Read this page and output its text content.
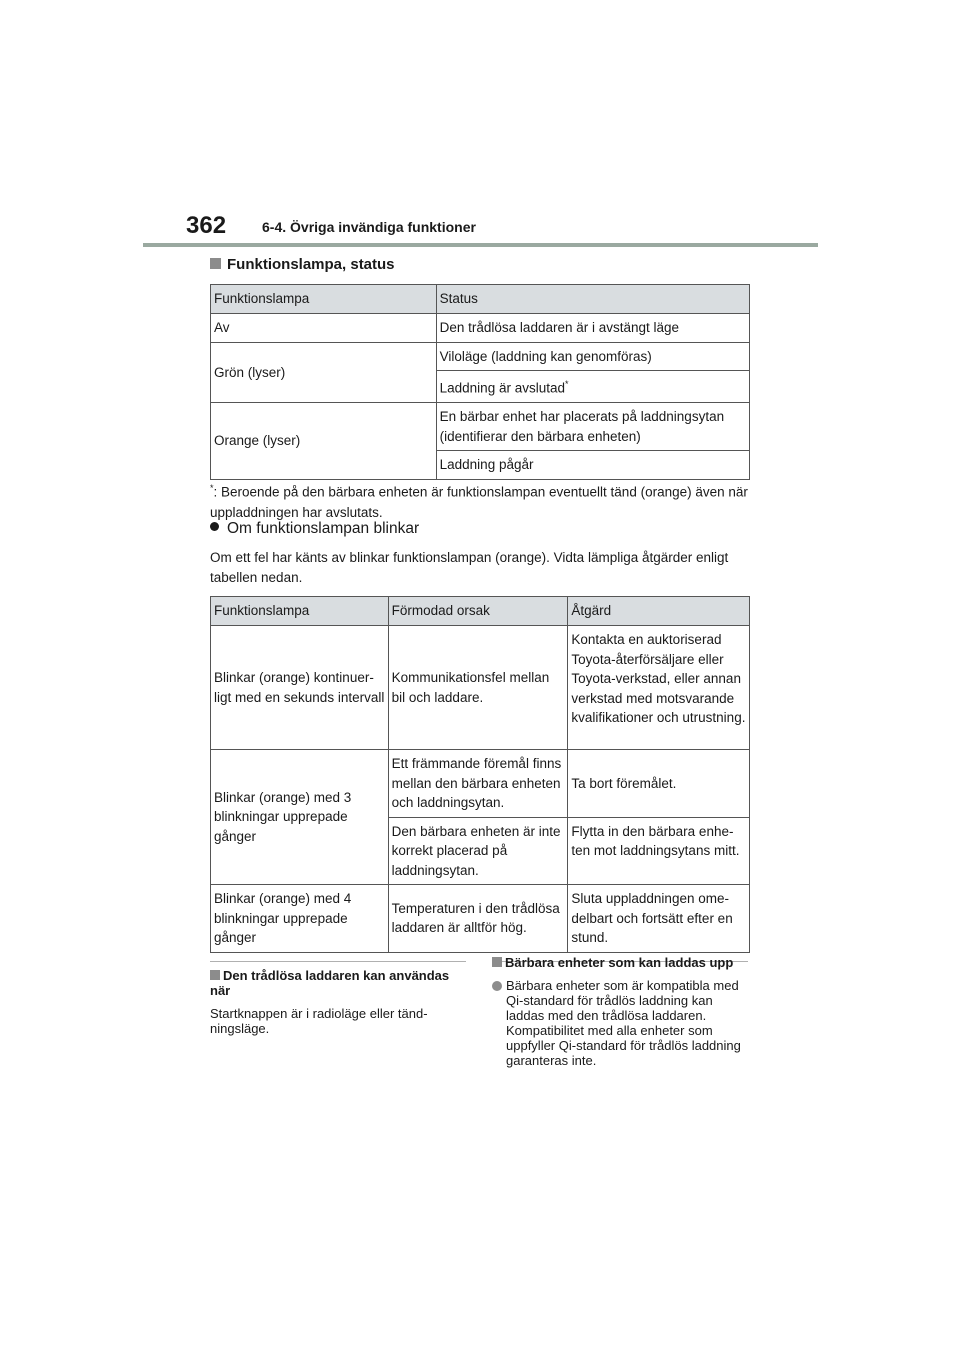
362	6-4. Övriga invändiga funktioner
Funktionslampa, status
Funktionslampa	Status
Av	Den trådlösa laddaren är i avstängt läge
Grön (lyser)	Viloläge (laddning kan genomföras)
	Laddning är avslutad*
Orange (lyser)	En bärbar enhet har placerats på laddningsytan (identifierar den bärbara enheten)
	Laddning pågår
*: Beroende på den bärbara enheten är funktionslampan eventuellt tänd (orange) även när uppladdningen har avslutats.
Om funktionslampan blinkar
Om ett fel har känts av blinkar funktionslampan (orange). Vidta lämpliga åtgärder enligt tabellen nedan.
Funktionslampa	Förmodad orsak	Åtgärd
Blinkar (orange) kontinuerligt med en sekunds intervall	Kommunikationsfel mellan bil och laddare.	Kontakta en auktoriserad Toyota-återförsäljare eller Toyota-verkstad, eller annan verkstad med motsvarande kvalifikationer och utrustning.
Blinkar (orange) med 3 blinkningar upprepade gånger	Ett främmande föremål finns mellan den bärbara enheten och laddningsytan.	Ta bort föremålet.
	Den bärbara enheten är inte korrekt placerad på laddningsytan.	Flytta in den bärbara enheten mot laddningsytans mitt.
Blinkar (orange) med 4 blinkningar upprepade gånger	Temperaturen i den trådlösa laddaren är alltför hög.	Sluta uppladdningen omedelbart och fortsätt efter en stund.
Den trådlösa laddaren kan användas när
Startknappen är i radioläge eller tändningsläge.
Bärbara enheter som kan laddas upp
Bärbara enheter som är kompatibla med Qi-standard för trådlös laddning kan laddas med den trådlösa laddaren. Kompatibilitet med alla enheter som uppfyller Qi-standard för trådlös laddning garanteras inte.
